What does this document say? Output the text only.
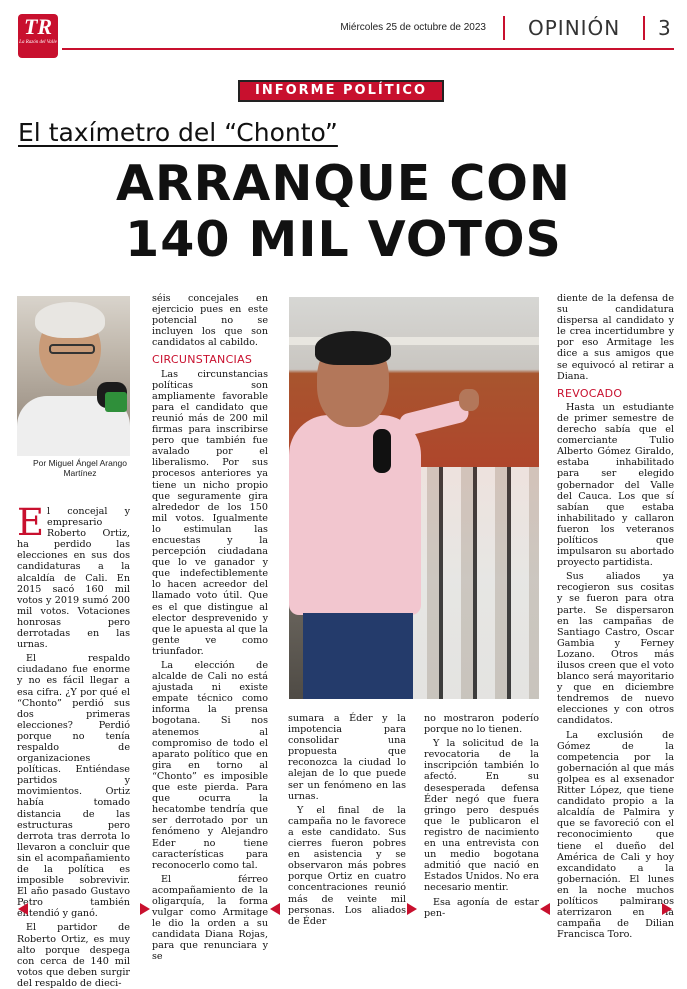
TR
La Razón del Valle
Miércoles 25 de octubre de 2023 OPINIÓN 3
INFORME POLÍTICO
El taxímetro del “Chonto”
ARRANQUE CON
140 MIL VOTOS
Por Miguel Ángel Arango Martínez

El concejal y empresario Roberto Ortiz, ha perdido las elecciones en sus dos candidaturas a la alcaldía de Cali. En 2015 sacó 160 mil votos y 2019 sumó 200 mil votos. Votaciones honrosas pero derrotadas en las urnas.

El respaldo ciudadano fue enorme y no es fácil llegar a esa cifra. ¿Y por qué el “Chonto” perdió sus dos primeras elecciones? Perdió porque no tenía respaldo de organizaciones políticas. Entiéndase partidos y movimientos. Ortiz había tomado distancia de las estructuras pero derrota tras derrota lo llevaron a concluir que sin el acompañamiento de la política es imposible sobrevivir. El año pasado Gustavo Petro también entendió y ganó.

El partidor de Roberto Ortiz, es muy alto porque despega con cerca de 140 mil votos que deben surgir del respaldo de dieci-

séis concejales en ejercicio pues en este potencial no se incluyen los que son candidatos al cabildo.

CIRCUNSTANCIAS

Las circunstancias políticas son ampliamente favorable para el candidato que reunió más de 200 mil firmas para inscribirse pero que también fue avalado por el liberalismo. Por sus procesos anteriores ya tiene un nicho propio que seguramente gira alrededor de los 150 mil votos. Igualmente lo estimulan las encuestas y la percepción ciudadana que lo ve ganador y que indefectiblemente lo hacen acreedor del llamado voto útil. Que es el que distingue al elector desprevenido y que le apuesta al que la gente ve como triunfador.

La elección de alcalde de Cali no está ajustada ni existe empate técnico como informa la prensa bogotana. Si nos atenemos al compromiso de todo el aparato político que en gira en torno al “Chonto” es imposible que este pierda. Para que ocurra la hecatombe tendría que ser derrotado por un fenómeno y Alejandro Eder no tiene características para reconocerlo como tal.

El férreo acompañamiento de la oligarquía, la forma vulgar como Armitage le dio la orden a su candidata Diana Rojas, para que renunciara y se

sumara a Éder y la impotencia para consolidar una propuesta que reconozca la ciudad lo alejan de lo que puede ser un fenómeno en las urnas.

Y el final de la campaña no le favorece a este candidato. Sus cierres fueron pobres en asistencia y se observaron más pobres porque Ortiz en cuatro concentraciones reunió más de veinte mil personas. Los aliados de Éder

no mostraron poderío porque no lo tienen.

Y la solicitud de la revocatoria de la inscripción también lo afectó. En su desesperada defensa Éder negó que fuera gringo pero después que le publicaron el registro de nacimiento en una entrevista con un medio bogotana admitió que nació en Estados Unidos. No era necesario mentir.

Esa agonía de estar pen-

diente de la defensa de su candidatura dispersa al candidato y le crea incertidumbre y por eso Armitage les dice a sus amigos que se equivocó al retirar a Diana.

REVOCADO

Hasta un estudiante de primer semestre de derecho sabía que el comerciante Tulio Alberto Gómez Giraldo, estaba inhabilitado para ser elegido gobernador del Valle del Cauca. Los que sí sabían que estaba inhabilitado y callaron fueron los veteranos políticos que impulsaron su abortado proyecto partidista.

Sus aliados ya recogieron sus cositas y se fueron para otra parte. Se dispersaron en las campañas de Santiago Castro, Oscar Gambia y Ferney Lozano. Otros más ilusos creen que el voto blanco será mayoritario y que en diciembre tendremos de nuevo elecciones y con otros candidatos.

La exclusión de Gómez de la competencia por la gobernación al que más golpea es al exsenador Ritter López, que tiene candidato propio a la alcaldía de Palmira y que se favoreció con el reconocimiento que tiene el dueño del América de Cali y hoy excandidato a la gobernación. El lunes en la noche muchos políticos palmiranos aterrizaron en la campaña de Dilian Francisca Toro.
